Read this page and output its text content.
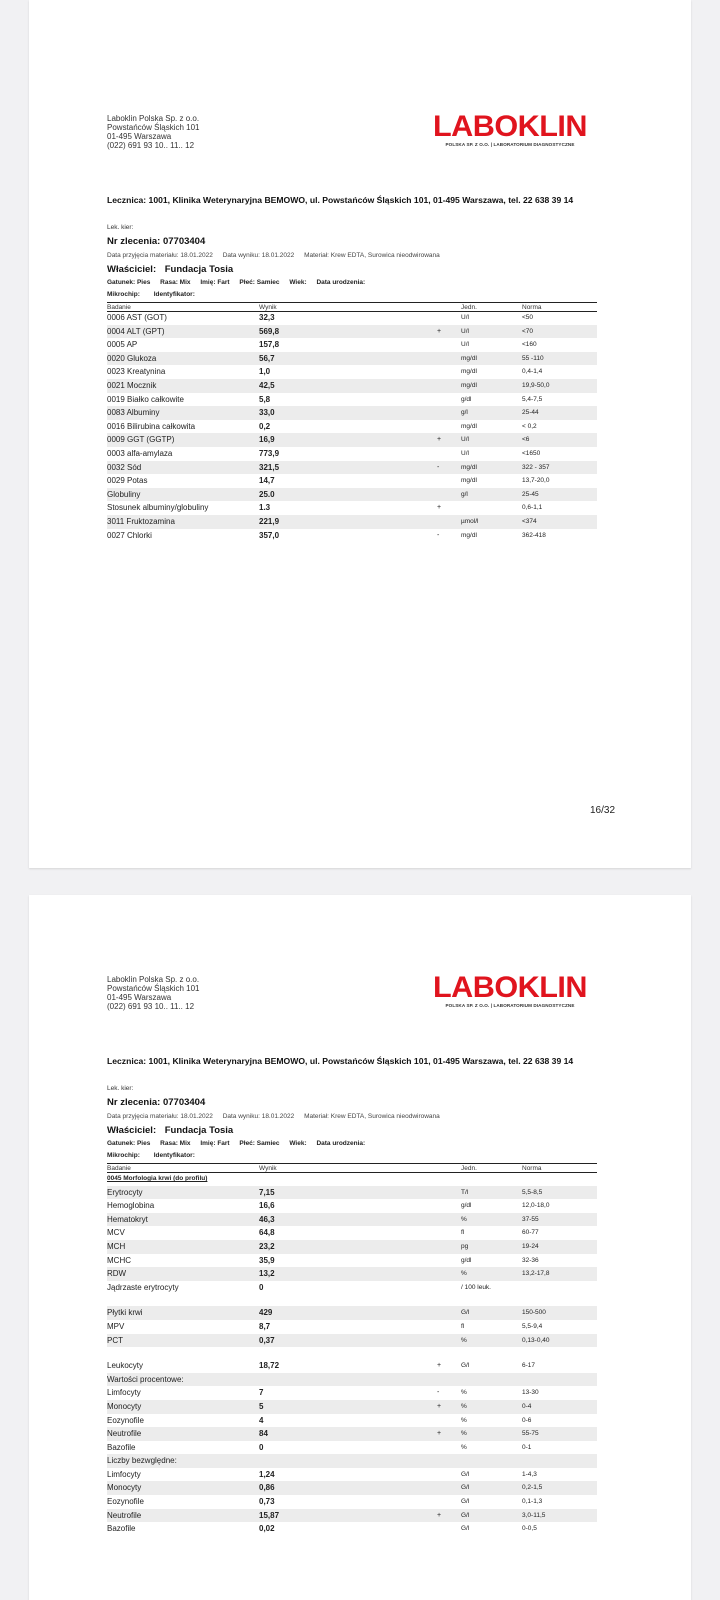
Laboklin Polska Sp. z o.o.
Powstańców Śląskich 101
01-495 Warszawa
(022) 691 93 10.. 11.. 12
LABOKLIN
POLSKA SP. Z O.O. | LABORATORIUM DIAGNOSTYCZNE
Lecznica: 1001, Klinika Weterynaryjna BEMOWO, ul. Powstańców Śląskich 101, 01-495 Warszawa, tel. 22 638 39 14
Lek. kier:
Nr zlecenia: 07703404
Data przyjęcia materiału: 18.01.2022 Data wyniku: 18.01.2022 Materiał: Krew EDTA, Surowica nieodwirowana
Właściciel: Fundacja Tosia
Gatunek: Pies Rasa: Mix Imię: Fart Płeć: Samiec Wiek: Data urodzenia:
Mikrochip: Identyfikator:
Badanie	Wynik	Jedn.	Norma
0006 AST (GOT)	32,3	U/l	<50
0004 ALT (GPT)	569,8	+	U/l	<70
0005 AP	157,8	U/l	<160
0020 Glukoza	56,7	mg/dl	55 -110
0023 Kreatynina	1,0	mg/dl	0,4-1,4
0021 Mocznik	42,5	mg/dl	19,9-50,0
0019 Białko całkowite	5,8	g/dl	5,4-7,5
0083 Albuminy	33,0	g/l	25-44
0016 Bilirubina całkowita	0,2	mg/dl	< 0,2
0009 GGT (GGTP)	16,9	+	U/l	<6
0003 alfa-amylaza	773,9	U/l	<1650
0032 Sód	321,5	-	mg/dl	322 - 357
0029 Potas	14,7	mg/dl	13,7-20,0
Globuliny	25.0	g/l	25-45
Stosunek albuminy/globuliny	1.3	+	0,6-1,1
3011 Fruktozamina	221,9	µmol/l	<374
0027 Chlorki	357,0	-	mg/dl	362-418
16/32
Laboklin Polska Sp. z o.o.
Powstańców Śląskich 101
01-495 Warszawa
(022) 691 93 10.. 11.. 12
LABOKLIN
POLSKA SP. Z O.O. | LABORATORIUM DIAGNOSTYCZNE
Lecznica: 1001, Klinika Weterynaryjna BEMOWO, ul. Powstańców Śląskich 101, 01-495 Warszawa, tel. 22 638 39 14
Lek. kier:
Nr zlecenia: 07703404
Data przyjęcia materiału: 18.01.2022 Data wyniku: 18.01.2022 Materiał: Krew EDTA, Surowica nieodwirowana
Właściciel: Fundacja Tosia
Gatunek: Pies Rasa: Mix Imię: Fart Płeć: Samiec Wiek: Data urodzenia:
Mikrochip: Identyfikator:
Badanie	Wynik	Jedn.	Norma
0045 Morfologia krwi (do profilu)
Erytrocyty	7,15	T/l	5,5-8,5
Hemoglobina	16,6	g/dl	12,0-18,0
Hematokryt	46,3	%	37-55
MCV	64,8	fl	60-77
MCH	23,2	pg	19-24
MCHC	35,9	g/dl	32-36
RDW	13,2	%	13,2-17,8
Jądrzaste erytrocyty	0	/ 100 leuk.
Płytki krwi	429	G/l	150-500
MPV	8,7	fl	5,5-9,4
PCT	0,37	%	0,13-0,40
Leukocyty	18,72	+	G/l	6-17
Wartości procentowe:
Limfocyty	7	-	%	13-30
Monocyty	5	+	%	0-4
Eozynofile	4	%	0-6
Neutrofile	84	+	%	55-75
Bazofile	0	%	0-1
Liczby bezwględne:
Limfocyty	1,24	G/l	1-4,3
Monocyty	0,86	G/l	0,2-1,5
Eozynofile	0,73	G/l	0,1-1,3
Neutrofile	15,87	+	G/l	3,0-11,5
Bazofile	0,02	G/l	0-0,5
